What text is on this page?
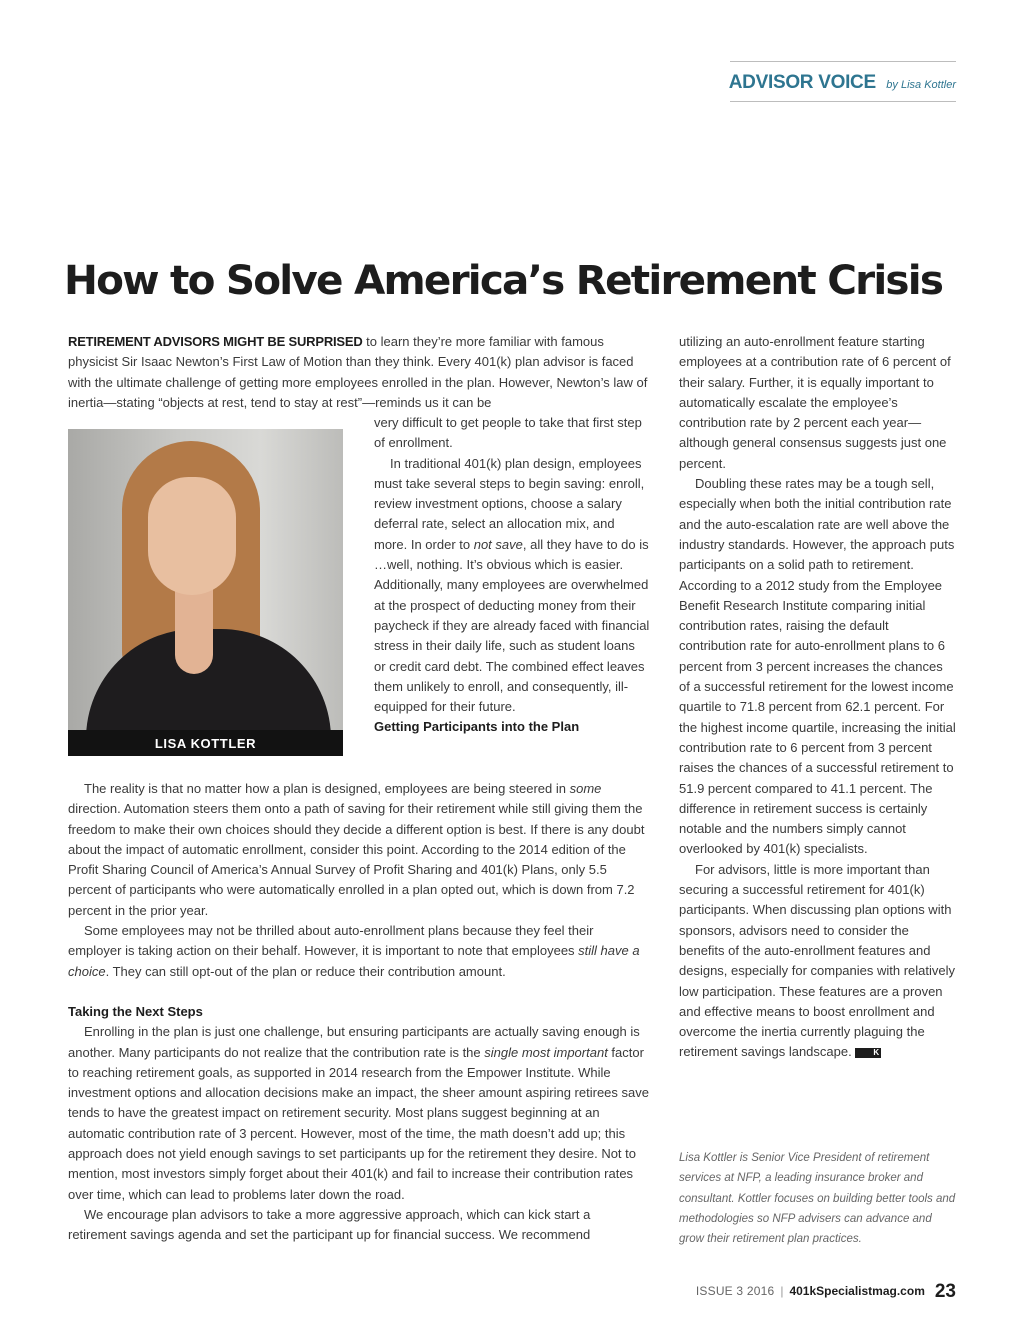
ADVISOR VOICE by Lisa Kottler
How to Solve America’s Retirement Crisis

RETIREMENT ADVISORS MIGHT BE SURPRISED to learn they’re more familiar with famous physicist Sir Isaac Newton’s First Law of Motion than they think. Every 401(k) plan advisor is faced with the ultimate challenge of getting more employees enrolled in the plan. However, Newton’s law of inertia—stating “objects at rest, tend to stay at rest”—reminds us it can be

LISA KOTTLER

very difficult to get people to take that first step of enrollment.

In traditional 401(k) plan design, employees must take several steps to begin saving: enroll, review investment options, choose a salary deferral rate, select an allocation mix, and more. In order to not save, all they have to do is …well, nothing. It’s obvious which is easier. Additionally, many employees are overwhelmed at the prospect of deducting money from their paycheck if they are already faced with financial stress in their daily life, such as student loans or credit card debt. The combined effect leaves them unlikely to enroll, and consequently, ill-equipped for their future.

Getting Participants into the Plan

The reality is that no matter how a plan is designed, employees are being steered in some direction. Automation steers them onto a path of saving for their retirement while still giving them the freedom to make their own choices should they decide a different option is best. If there is any doubt about the impact of automatic enrollment, consider this point. According to the 2014 edition of the Profit Sharing Council of America’s Annual Survey of Profit Sharing and 401(k) Plans, only 5.5 percent of participants who were automatically enrolled in a plan opted out, which is down from 7.2 percent in the prior year.

Some employees may not be thrilled about auto-enrollment plans because they feel their employer is taking action on their behalf. However, it is important to note that employees still have a choice. They can still opt-out of the plan or reduce their contribution amount.

Taking the Next Steps

Enrolling in the plan is just one challenge, but ensuring participants are actually saving enough is another. Many participants do not realize that the contribution rate is the single most important factor to reaching retirement goals, as supported in 2014 research from the Empower Institute. While investment options and allocation decisions make an impact, the sheer amount aspiring retirees save tends to have the greatest impact on retirement security. Most plans suggest beginning at an automatic contribution rate of 3 percent. However, most of the time, the math doesn’t add up; this approach does not yield enough savings to set participants up for the retirement they desire. Not to mention, most investors simply forget about their 401(k) and fail to increase their contribution rates over time, which can lead to problems later down the road.

We encourage plan advisors to take a more aggressive approach, which can kick start a retirement savings agenda and set the participant up for financial success. We recommend

utilizing an auto-enrollment feature starting employees at a contribution rate of 6 percent of their salary. Further, it is equally important to automatically escalate the employee’s contribution rate by 2 percent each year—although general consensus suggests just one percent.

Doubling these rates may be a tough sell, especially when both the initial contribution rate and the auto-escalation rate are well above the industry standards. However, the approach puts participants on a solid path to retirement. According to a 2012 study from the Employee Benefit Research Institute comparing initial contribution rates, raising the default contribution rate for auto-enrollment plans to 6 percent from 3 percent increases the chances of a successful retirement for the lowest income quartile to 71.8 percent from 62.1 percent. For the highest income quartile, increasing the initial contribution rate to 6 percent from 3 percent raises the chances of a successful retirement to 51.9 percent compared to 41.1 percent. The difference in retirement success is certainly notable and the numbers simply cannot overlooked by 401(k) specialists.

For advisors, little is more important than securing a successful retirement for 401(k) participants. When discussing plan options with sponsors, advisors need to consider the benefits of the auto-enrollment features and designs, especially for companies with relatively low participation. These features are a proven and effective means to boost enrollment and overcome the inertia currently plaguing the retirement savings landscape. K

Lisa Kottler is Senior Vice President of retirement services at NFP, a leading insurance broker and consultant. Kottler focuses on building better tools and methodologies so NFP advisers can advance and grow their retirement plan practices.

ISSUE 3 2016 | 401kSpecialistmag.com 23
